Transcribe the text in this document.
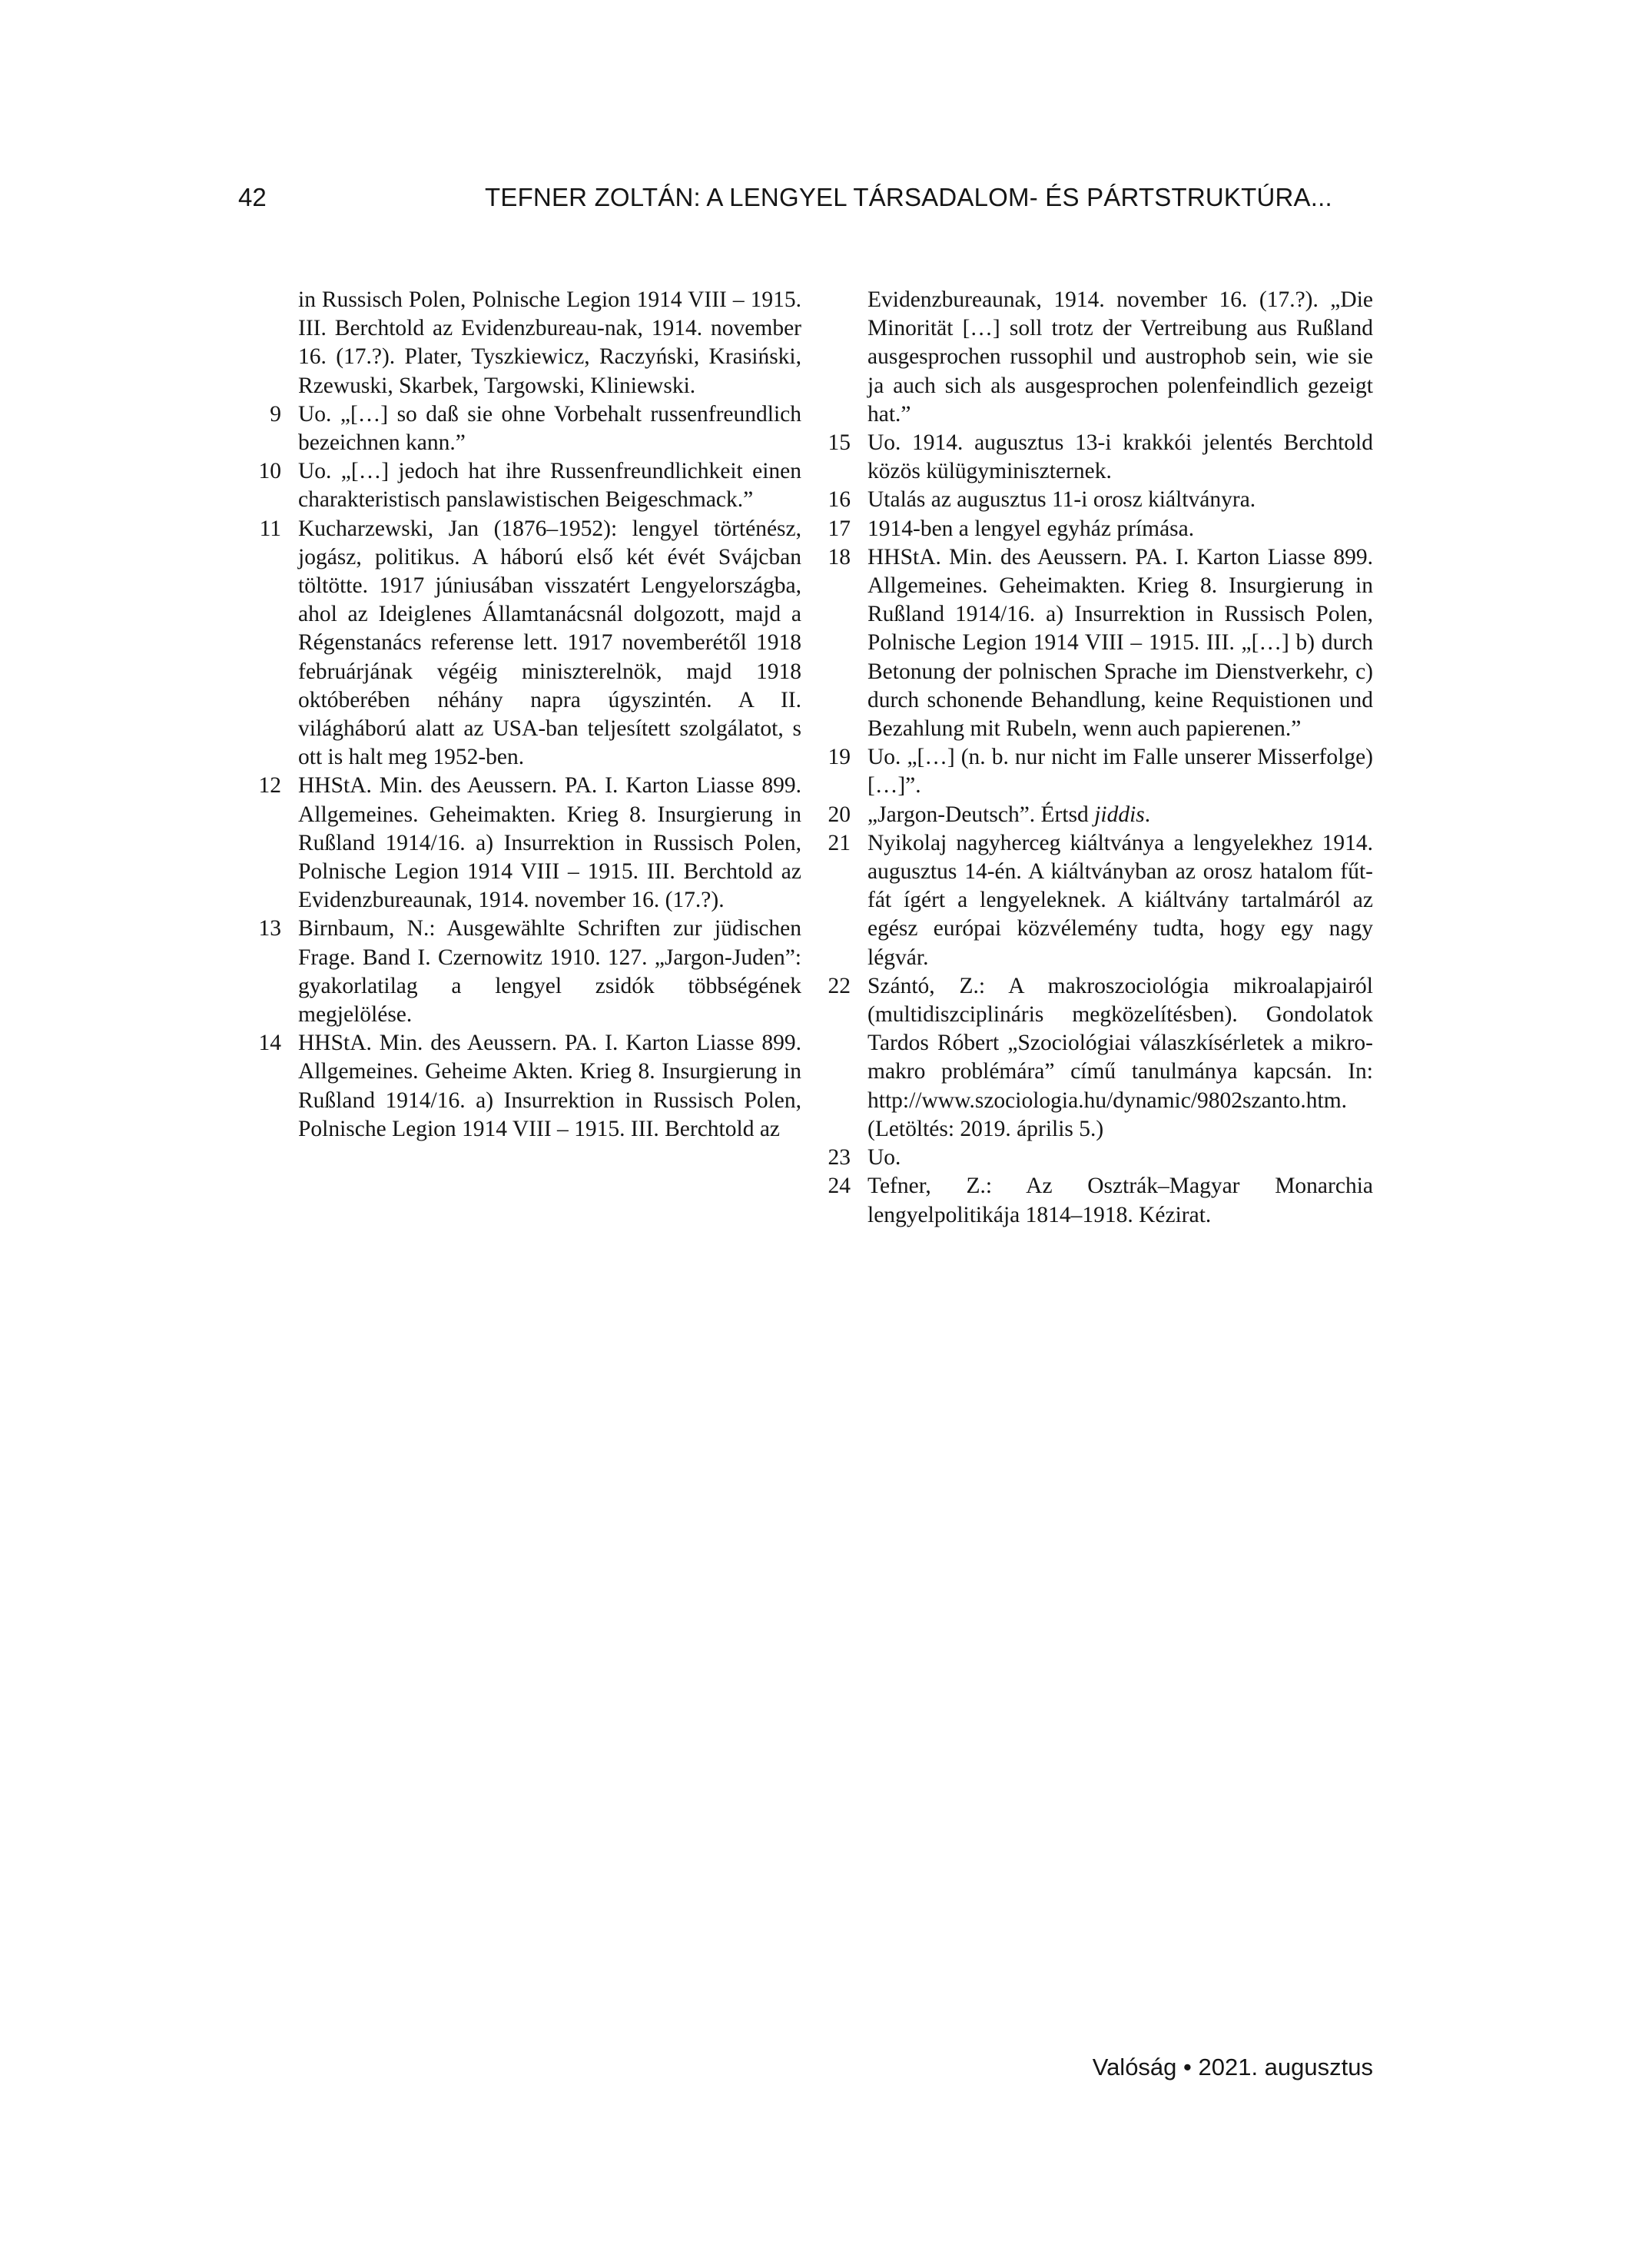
42	TEFNER ZOLTÁN: A LENGYEL TÁRSADALOM- ÉS PÁRTSTRUKTÚRA...
in Russisch Polen, Polnische Legion 1914 VIII – 1915. III. Berchtold az Evidenzbureau-nak, 1914. november 16. (17.?). Plater, Tyszkiewicz, Raczyński, Krasiński, Rzewuski, Skarbek, Targowski, Kliniewski.
9 Uo. „[…] so daß sie ohne Vorbehalt russenfreundlich bezeichnen kann.”
10 Uo. „[…] jedoch hat ihre Russenfreundlichkeit einen charakteristisch panslawistischen Beigeschmack.”
11 Kucharzewski, Jan (1876–1952): lengyel történész, jogász, politikus. A háború első két évét Svájcban töltötte. 1917 júniusában visszatért Lengyelországba, ahol az Ideiglenes Államtanácsnál dolgozott, majd a Régenstanács referense lett. 1917 novemberétől 1918 februárjának végéig miniszterelnök, majd 1918 októberében néhány napra úgyszintén. A II. világháború alatt az USA-ban teljesített szolgálatot, s ott is halt meg 1952-ben.
12 HHStA. Min. des Aeussern. PA. I. Karton Liasse 899. Allgemeines. Geheimakten. Krieg 8. Insurgierung in Rußland 1914/16. a) Insurrektion in Russisch Polen, Polnische Legion 1914 VIII – 1915. III. Berchtold az Evidenzbureaunak, 1914. november 16. (17.?).
13 Birnbaum, N.: Ausgewählte Schriften zur jüdischen Frage. Band I. Czernowitz 1910. 127. „Jargon-Juden”: gyakorlatilag a lengyel zsidók többségének megjelölése.
14 HHStA. Min. des Aeussern. PA. I. Karton Liasse 899. Allgemeines. Geheime Akten. Krieg 8. Insurgierung in Rußland 1914/16. a) Insurrektion in Russisch Polen, Polnische Legion 1914 VIII – 1915. III. Berchtold az
Evidenzbureaunak, 1914. november 16. (17.?). „Die Minorität […] soll trotz der Vertreibung aus Rußland ausgesprochen russophil und austrophob sein, wie sie ja auch sich als ausgesprochen polenfeindlich gezeigt hat.”
15 Uo. 1914. augusztus 13-i krakkói jelentés Berchtold közös külügyminiszternek.
16 Utalás az augusztus 11-i orosz kiáltványra.
17 1914-ben a lengyel egyház prímása.
18 HHStA. Min. des Aeussern. PA. I. Karton Liasse 899. Allgemeines. Geheimakten. Krieg 8. Insurgierung in Rußland 1914/16. a) Insurrektion in Russisch Polen, Polnische Legion 1914 VIII – 1915. III. „[…] b) durch Betonung der polnischen Sprache im Dienstverkehr, c) durch schonende Behandlung, keine Requistionen und Bezahlung mit Rubeln, wenn auch papierenen.”
19 Uo. „[…] (n. b. nur nicht im Falle unserer Misserfolge) […]”.
20 „Jargon-Deutsch”. Értsd jiddis.
21 Nyikolaj nagyherceg kiáltványa a lengyelekhez 1914. augusztus 14-én. A kiáltványban az orosz hatalom fűt-fát ígért a lengyeleknek. A kiáltvány tartalmáról az egész európai közvélemény tudta, hogy egy nagy légvár.
22 Szántó, Z.: A makroszociológia mikroalapjairól (multidiszciplináris megközelítésben). Gondolatok Tardos Róbert „Szociológiai válaszkísérletek a mikro-makro problémára” című tanulmánya kapcsán. In: http://www.szociologia.hu/dynamic/9802szanto.htm. (Letöltés: 2019. április 5.)
23 Uo.
24 Tefner, Z.: Az Osztrák–Magyar Monarchia lengyelpolitikája 1814–1918. Kézirat.
Valóság • 2021. augusztus
